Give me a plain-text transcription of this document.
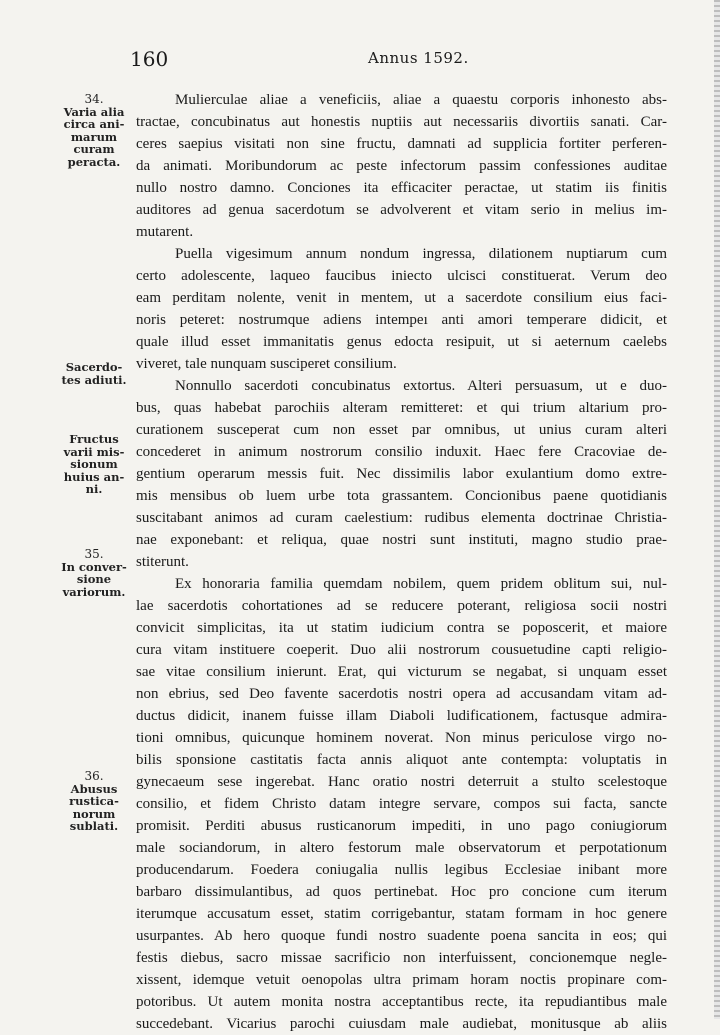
160	Annus 1592.
34.
Varia alia circa ani- marum curam peracta.
Sacerdo- tes adiuti.
Fructus varii mis- sionum huius an- ni.
35.
In conver- sione variorum.
36.
Abusus rustica- norum sublati.
Mulierculae aliae a veneficiis, aliae a quaestu corporis inhonesto abs-
tractae, concubinatus aut honestis nuptiis aut necessariis divortiis sanati. Car-
ceres saepius visitati non sine fructu, damnati ad supplicia fortiter perferen-
da animati. Moribundorum ac peste infectorum passim confessiones auditae
nullo nostro damno. Conciones ita efficaciter peractae, ut statim iis finitis
auditores ad genua sacerdotum se advolverent et vitam serio in melius im-
mutarent.
Puella vigesimum annum nondum ingressa, dilationem nuptiarum cum
certo adolescente, laqueo faucibus iniecto ulcisci constituerat. Verum deo
eam perditam nolente, venit in mentem, ut a sacerdote consilium eius faci-
noris peteret: nostrumque adiens intempeı anti amori temperare didicit, et
quale illud esset immanitatis genus edocta resipuit, ut si aeternum caelebs
viveret, tale nunquam susciperet consilium.
Nonnullo sacerdoti concubinatus extortus. Alteri persuasum, ut e duo-
bus, quas habebat parochiis alteram remitteret: et qui trium altarium pro-
curationem susceperat cum non esset par omnibus, ut unius curam alteri
concederet in animum nostrorum consilio induxit. Haec fere Cracoviae de-
gentium operarum messis fuit. Nec dissimilis labor exulantium domo extre-
mis mensibus ob luem urbe tota grassantem. Concionibus paene quotidianis
suscitabant animos ad curam caelestium: rudibus elementa doctrinae Christia-
nae exponebant: et reliqua, quae nostri sunt instituti, magno studio prae-
stiterunt.
Ex honoraria familia quemdam nobilem, quem pridem oblitum sui, nul-
lae sacerdotis cohortationes ad se reducere poterant, religiosa socii nostri
convicit simplicitas, ita ut statim iudicium contra se poposcerit, et maiore
cura vitam instituere coeperit. Duo alii nostrorum cousuetudine capti religio-
sae vitae consilium inierunt. Erat, qui victurum se negabat, si unquam esset
non ebrius, sed Deo favente sacerdotis nostri opera ad accusandam vitam ad-
ductus didicit, inanem fuisse illam Diaboli ludificationem, factusque admira-
tioni omnibus, quicunque hominem noverat. Non minus periculose virgo no-
bilis sponsione castitatis facta annis aliquot ante contempta: voluptatis in
gynecaeum sese ingerebat. Hanc oratio nostri deterruit a stulto scelestoque
consilio, et fidem Christo datam integre servare, compos sui facta, sancte
promisit. Perditi abusus rusticanorum impediti, in uno pago coniugiorum
male sociandorum, in altero festorum male observatorum et perpotationum
producendarum. Foedera coniugalia nullis legibus Ecclesiae inibant more
barbaro dissimulantibus, ad quos pertinebat. Hoc pro concione cum iterum
iterumque accusatum esset, statim corrigebantur, statam formam in hoc genere
usurpantes. Ab hero quoque fundi nostro suadente poena sancita in eos; qui
festis diebus, sacro missae sacrificio non interfuissent, concionemque negle-
xissent, idemque vetuit oenopolas ultra primam horam noctis propinare com-
potoribus. Ut autem monita nostra acceptantibus recte, ita repudiantibus male
succedebant. Vicarius parochi cuiusdam male audiebat, monitusque ab aliis
